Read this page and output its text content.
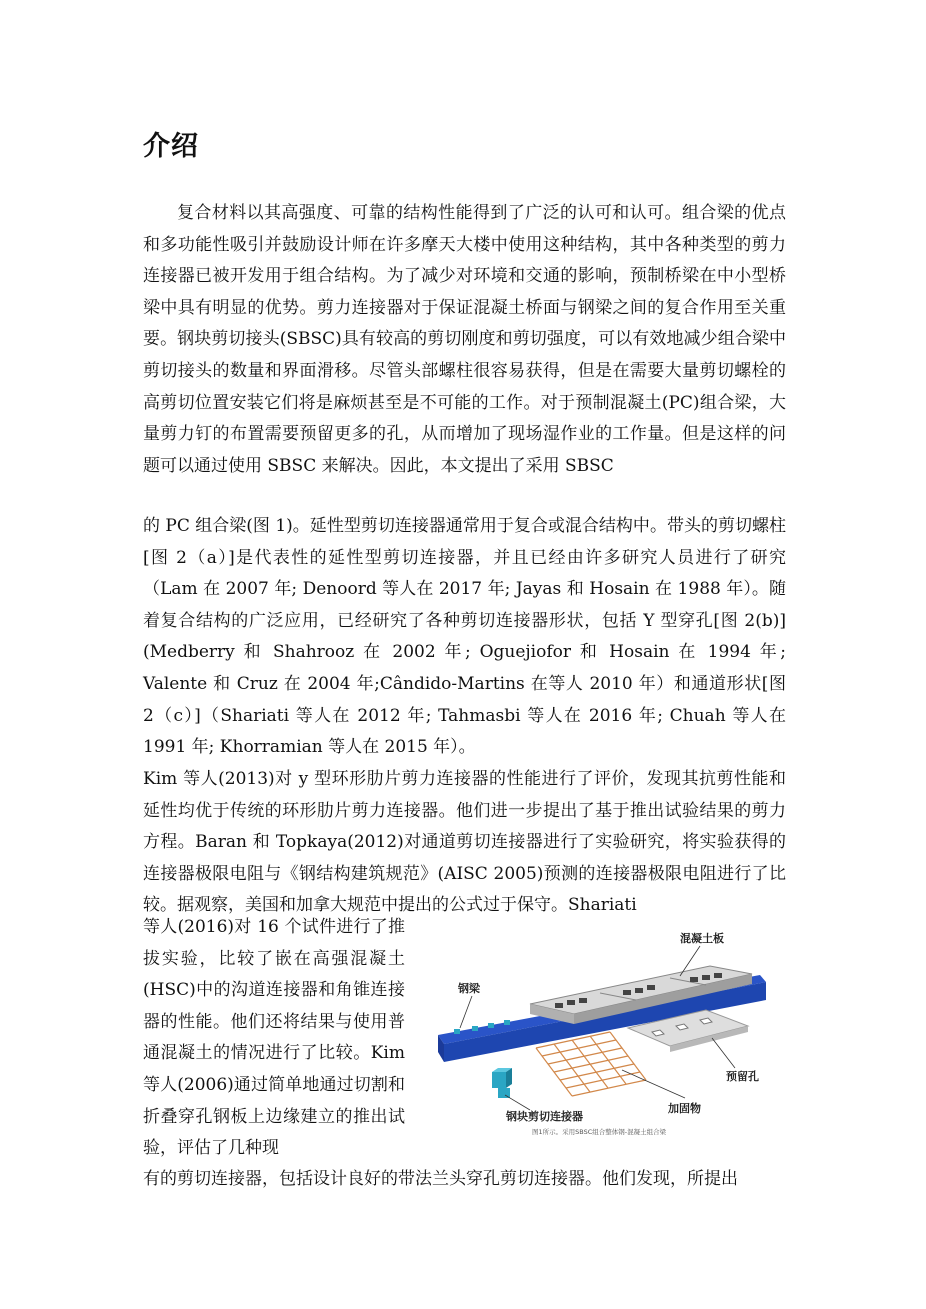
介绍

复合材料以其高强度、可靠的结构性能得到了广泛的认可和认可。组合梁的优点和多功能性吸引并鼓励设计师在许多摩天大楼中使用这种结构，其中各种类型的剪力连接器已被开发用于组合结构。为了减少对环境和交通的影响，预制桥梁在中小型桥梁中具有明显的优势。剪力连接器对于保证混凝土桥面与钢梁之间的复合作用至关重要。钢块剪切接头(SBSC)具有较高的剪切刚度和剪切强度，可以有效地减少组合梁中剪切接头的数量和界面滑移。尽管头部螺柱很容易获得，但是在需要大量剪切螺栓的高剪切位置安装它们将是麻烦甚至是不可能的工作。对于预制混凝土(PC)组合梁，大量剪力钉的布置需要预留更多的孔，从而增加了现场湿作业的工作量。但是这样的问题可以通过使用 SBSC 来解决。因此，本文提出了采用 SBSC

的 PC 组合梁(图 1)。延性型剪切连接器通常用于复合或混合结构中。带头的剪切螺柱[图 2（a）]是代表性的延性型剪切连接器，并且已经由许多研究人员进行了研究（Lam 在 2007 年; Denoord 等人在 2017 年; Jayas 和 Hosain 在 1988 年）。随着复合结构的广泛应用，已经研究了各种剪切连接器形状，包括 Y 型穿孔[图 2(b)](Medberry 和 Shahrooz 在 2002 年; Oguejiofor 和 Hosain 在 1994 年; Valente 和 Cruz 在 2004 年;Cândido-Martins 在等人 2010 年）和通道形状[图 2（c）]（Shariati 等人在 2012 年; Tahmasbi 等人在 2016 年; Chuah 等人在 1991 年; Khorramian 等人在 2015 年）。

Kim 等人(2013)对 y 型环形肋片剪力连接器的性能进行了评价，发现其抗剪性能和延性均优于传统的环形肋片剪力连接器。他们进一步提出了基于推出试验结果的剪力方程。Baran 和 Topkaya(2012)对通道剪切连接器进行了实验研究，将实验获得的连接器极限电阻与《钢结构建筑规范》(AISC 2005)预测的连接器极限电阻进行了比较。据观察，美国和加拿大规范中提出的公式过于保守。Shariati

等人(2016)对 16 个试件进行了推拔实验，比较了嵌在高强混凝土(HSC)中的沟道连接器和角锥连接器的性能。他们还将结果与使用普通混凝土的情况进行了比较。Kim 等人(2006)通过简单地通过切割和折叠穿孔钢板上边缘建立的推出试验，评估了几种现

混凝土板
钢梁
预留孔
加固物
钢块剪切连接器
图1所示。采用SBSC组合整体钢-混凝土组合梁

有的剪切连接器，包括设计良好的带法兰头穿孔剪切连接器。他们发现，所提出
